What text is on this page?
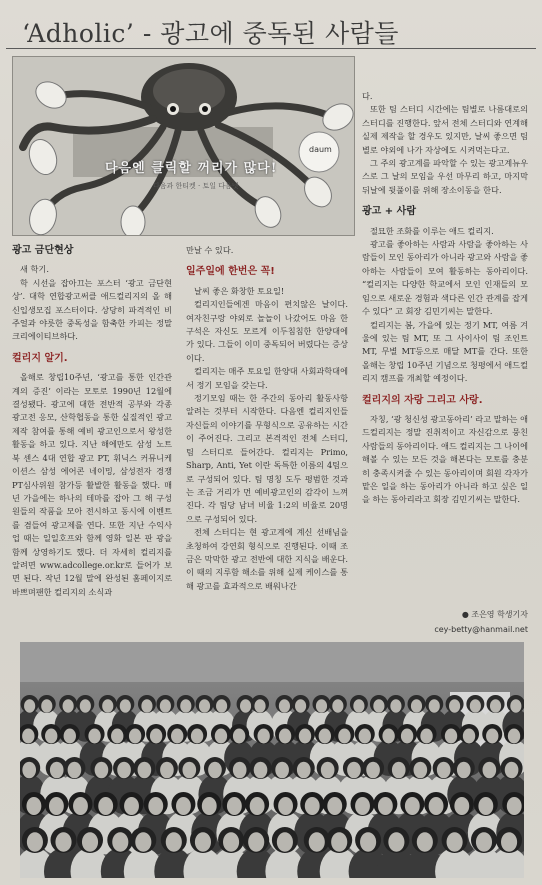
‘Adholic’ - 광고에 중독된 사람들
다음엔 클릭할 꺼리가 많다!
다음과 한티켓 · 토일 다음넷
daum
광고 금단현상

새 학기.

학 시선을 잡아끄는 포스터 ‘광고 금단현상’. 대학 연합광고써클 애드컬리지의 올 해 신입생모집 포스터이다. 상당히 파격적인 비주얼과 야릇한 중독성을 함축한 카피는 정말 크리에이티브하다.

컬리지 알기.

올해로 창립10주년, ‘광고를 통한 인간관계의 증진’ 이라는 모토로 1990년 12월에 결성됐다. 광고에 대한 전반적 공부와 각종 광고전 응모, 산학협동을 통한 실질적인 광고제작 참여를 통해 예비 광고인으로서 왕성한 활동을 하고 있다. 지난 해에만도 삼성 노트북 센스 4대 연합 광고 PT, 휘닉스 커뮤니케이션스 삼성 에어콘 네이밍, 삼성전자 경쟁 PT심사위원 참가등 활발한 활동을 했다. 매년 가을에는 하나의 테마를 잡아 그 해 구성원들의 작품을 모아 전시하고 동시에 이벤트를 겸들여 광고제를 연다. 또한 지난 수익사업 때는 일일호프와 함께 영화 일본 판 광을 함께 상영하기도 했다. 더 자세히 컬리지를 알려면 www.adcollege.or.kr로 들어가 보면 된다. 작년 12월 말에 완성된 홈페이지로 바쁘며팬한 컬리지의 소식과

만날 수 있다.

일주일에 한번은 꼭!

날씨 좋은 화창한 토요일!

컬리지인들에겐 마음이 편치않은 날이다. 여자친구랑 야외로 놀놀이 나갔어도 마음 한 구석은 자신도 모르게 이두침침한 한양대에 가 있다. 그들이 이미 중독되어 버렸다는 증상이다.

컬리지는 매주 토요일 한양대 사회과학대에서 정기 모임을 갖는다.

정기모임 때는 한 주간의 동아리 활동사항 알려는 것부터 시작한다. 다음엔 컬리지인들 자신들의 이야기를 무형식으로 공유하는 시간이 주어진다. 그리고 본격적인 전체 스터디, 팀 스터디로 들어간다. 컬리지는 Primo, Sharp, Anti, Yet 이란 독특한 이름의 4팀으로 구성되어 있다. 팀 명칭 도두 평범한 것과는 조금 거리가 먼 예비광고인의 감각이 느껴진다. 각 팀당 남녀 비율 1:2의 비율로 20명으로 구성되어 있다.

전체 스터디는 현 광고계에 계신 선배님을 초청하여 강연회 형식으로 진행된다. 이때 조금은 막막한 광고 전반에 대한 지식을 배운다. 이 때의 지루함 해소를 위해 실제 케이스를 통해 광고를 효과적으로 배워나간

다.

또한 팀 스터디 시간에는 팀별로 나름대로의 스터디를 진행한다. 앞서 전체 스터디와 연계해 실제 제작을 할 경우도 있지만, 날씨 좋으면 팀별로 야외에 나가 자상에도 시켜먹는다고.

그 주의 광고계를 파악할 수 있는 광고계뉴우스로 그 날의 모임을 우선 마무리 하고, 마지막 뒤날에 뒷풀이를 위해 장소이동을 한다.

광고 + 사람

절묘한 조화를 이루는 애드 컬리지.

광고를 좋아하는 사람과 사람을 좋아하는 사람들이 모인 동아리가 아니라 광고와 사람을 좋아하는 사람들이 모여 활동하는 동아리이다. “컬리지는 다양한 학교에서 모인 인재들의 모임으로 새로운 경험과 색다른 인간 관계를 잡게 수 있다” 고 회장 김민기씨는 말한다.

컬리지는 봄, 가을에 있는 정기 MT, 여름 겨울에 있는 팀 MT, 또 그 사이사이 팀 조인트 MT, 무별 MT등으로 매달 MT를 간다. 또한 올해는 창립 10주년 기념으로 청평에서 애드컬리지 캠프를 개최할 예정이다.

컬리지의 자랑 그리고 사랑.

자칭, ‘광 청신성 광고동아리’ 라고 말하는 애드컬리지는 정말 진취적이고 자신감으로 뭉친 사람들의 동아리이다. 애드 컬리지는 그 나이에 해볼 수 있는 모든 것을 해본다는 모토를 충분히 충족시켜줄 수 있는 동아리이며 회원 각자가 맡은 일을 하는 동아리가 아니라 하고 싶은 일을 하는 동아리라고 회장 김민기씨는 말한다.

● 조은영 학생기자
cey-betty@hanmail.net
